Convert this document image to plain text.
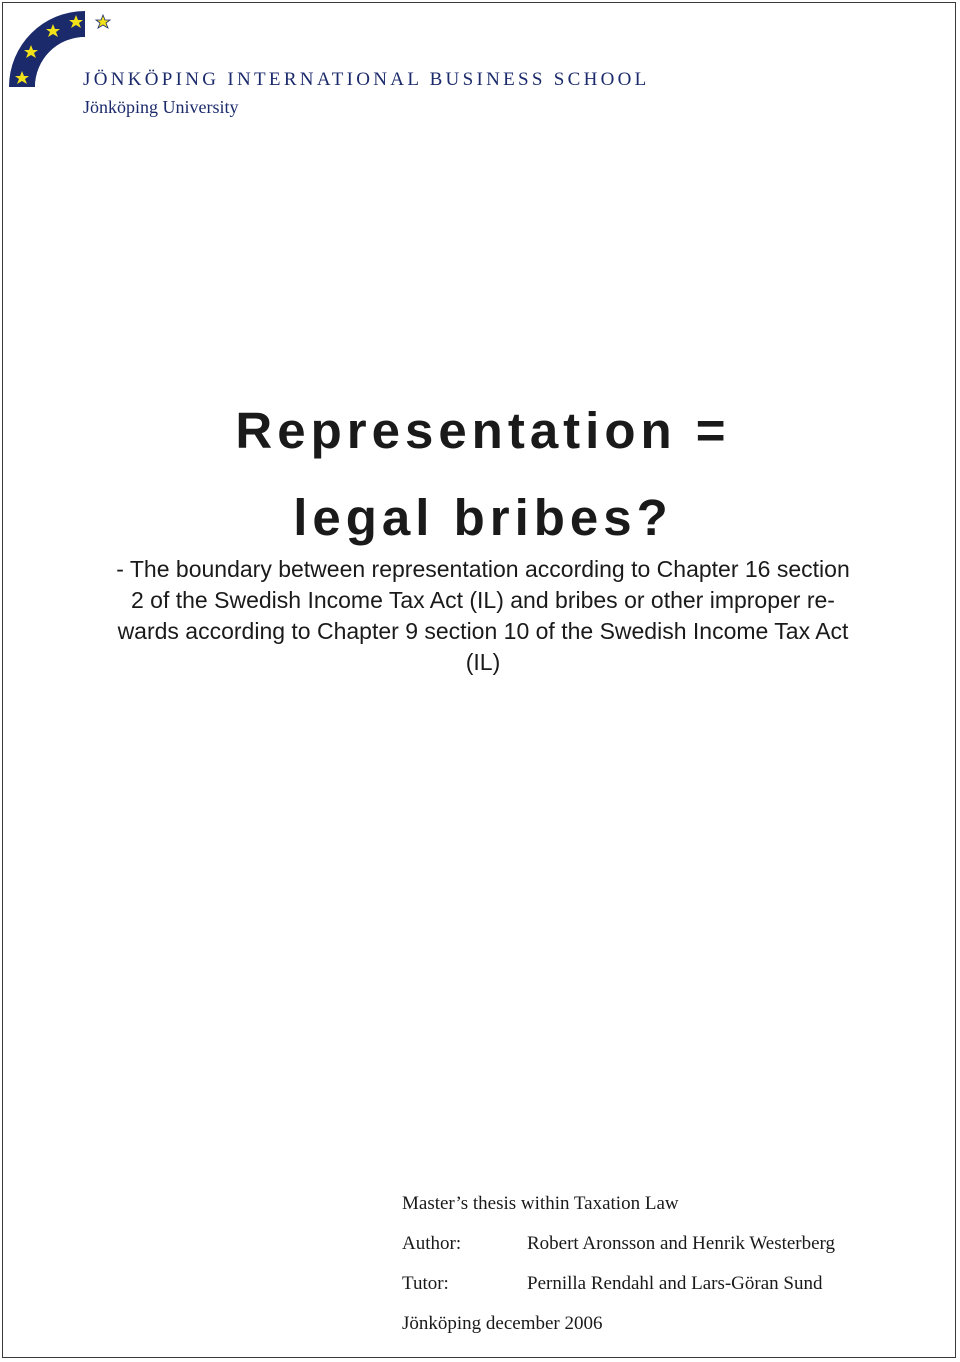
JÖNKÖPING INTERNATIONAL BUSINESS SCHOOL
Jönköping University
Representation =
legal bribes?
- The boundary between representation according to Chapter 16 section
2 of the Swedish Income Tax Act (IL) and bribes or other improper re-
wards according to Chapter 9 section 10 of the Swedish Income Tax Act
(IL)
Master’s thesis within Taxation Law
Author:	Robert Aronsson and Henrik Westerberg
Tutor:	Pernilla Rendahl and Lars-Göran Sund
Jönköping december 2006
